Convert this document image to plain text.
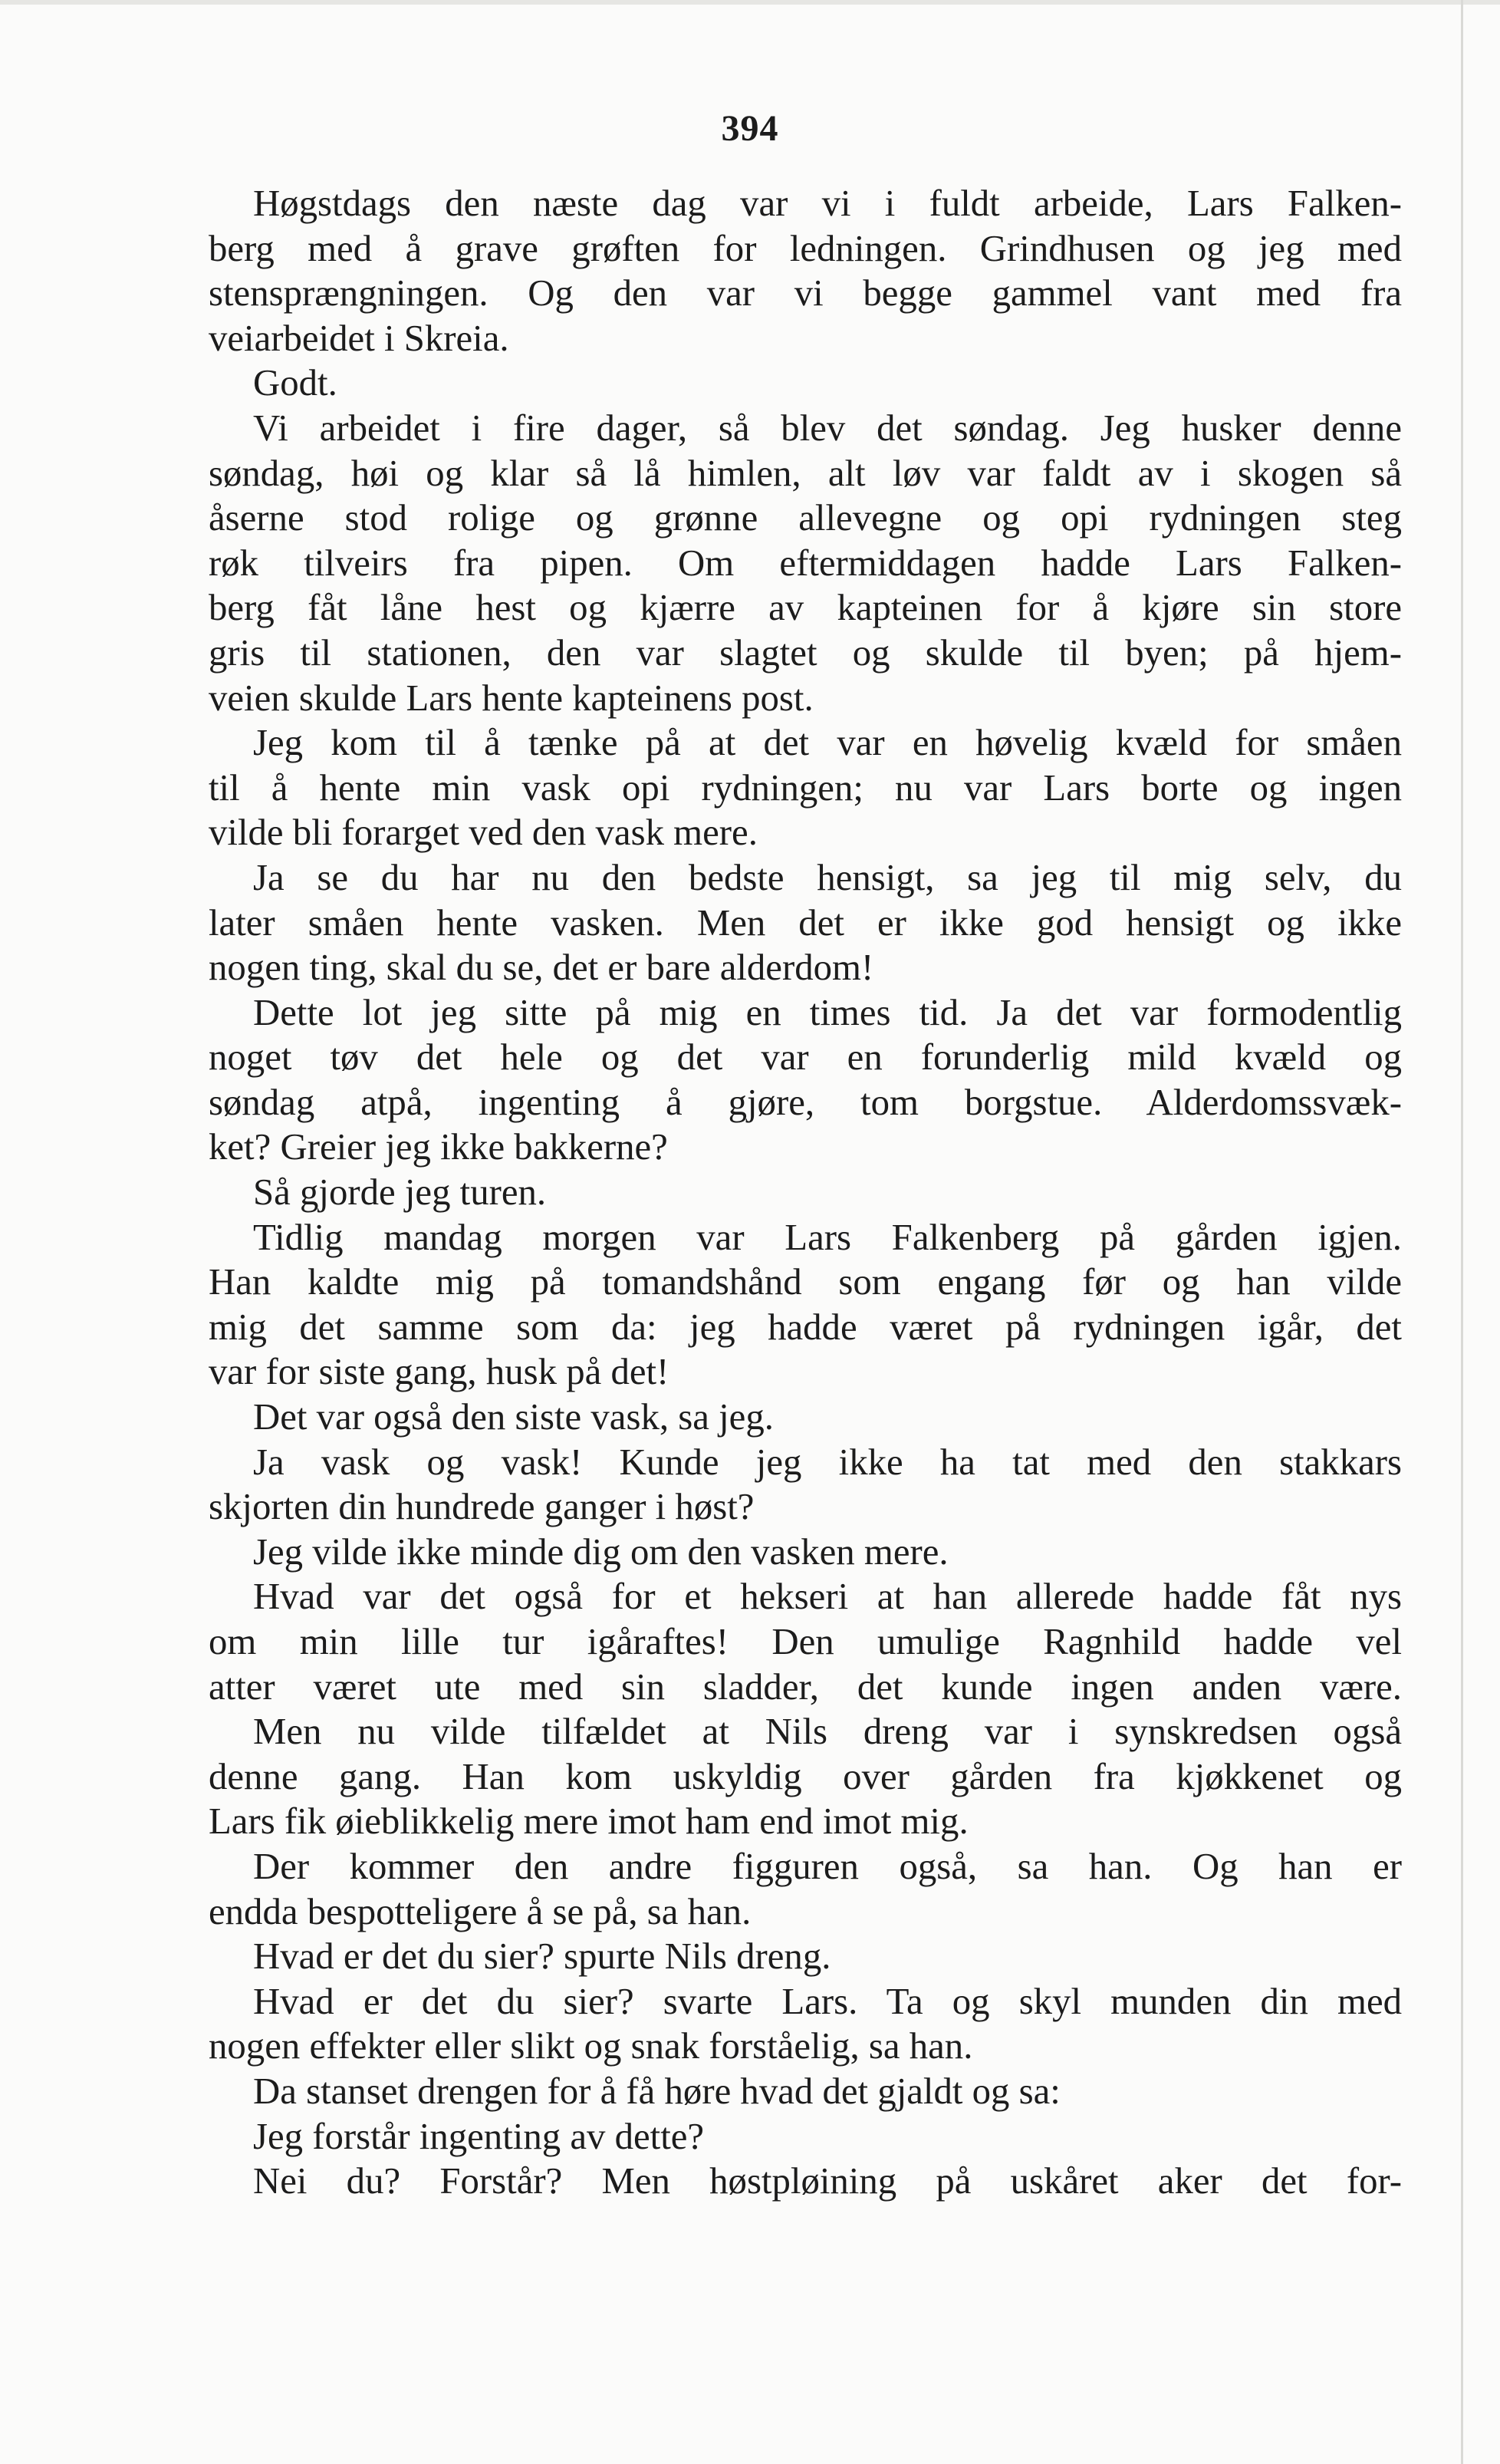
394
Høgstdags den næste dag var vi i fuldt arbeide, Lars Falken-
berg med å grave grøften for ledningen. Grindhusen og jeg med
stensprængningen. Og den var vi begge gammel vant med fra
veiarbeidet i Skreia.
Godt.
Vi arbeidet i fire dager, så blev det søndag. Jeg husker denne
søndag, høi og klar så lå himlen, alt løv var faldt av i skogen så
åserne stod rolige og grønne allevegne og opi rydningen steg
røk tilveirs fra pipen. Om eftermiddagen hadde Lars Falken-
berg fåt låne hest og kjærre av kapteinen for å kjøre sin store
gris til stationen, den var slagtet og skulde til byen; på hjem-
veien skulde Lars hente kapteinens post.
Jeg kom til å tænke på at det var en høvelig kvæld for småen
til å hente min vask opi rydningen; nu var Lars borte og ingen
vilde bli forarget ved den vask mere.
Ja se du har nu den bedste hensigt, sa jeg til mig selv, du
later småen hente vasken. Men det er ikke god hensigt og ikke
nogen ting, skal du se, det er bare alderdom!
Dette lot jeg sitte på mig en times tid. Ja det var formodentlig
noget tøv det hele og det var en forunderlig mild kvæld og
søndag atpå, ingenting å gjøre, tom borgstue. Alderdomssvæk-
ket? Greier jeg ikke bakkerne?
Så gjorde jeg turen.
Tidlig mandag morgen var Lars Falkenberg på gården igjen.
Han kaldte mig på tomandshånd som engang før og han vilde
mig det samme som da: jeg hadde været på rydningen igår, det
var for siste gang, husk på det!
Det var også den siste vask, sa jeg.
Ja vask og vask! Kunde jeg ikke ha tat med den stakkars
skjorten din hundrede ganger i høst?
Jeg vilde ikke minde dig om den vasken mere.
Hvad var det også for et hekseri at han allerede hadde fåt nys
om min lille tur igåraftes! Den umulige Ragnhild hadde vel
atter været ute med sin sladder, det kunde ingen anden være.
Men nu vilde tilfældet at Nils dreng var i synskredsen også
denne gang. Han kom uskyldig over gården fra kjøkkenet og
Lars fik øieblikkelig mere imot ham end imot mig.
Der kommer den andre figguren også, sa han. Og han er
endda bespotteligere å se på, sa han.
Hvad er det du sier? spurte Nils dreng.
Hvad er det du sier? svarte Lars. Ta og skyl munden din med
nogen effekter eller slikt og snak forståelig, sa han.
Da stanset drengen for å få høre hvad det gjaldt og sa:
Jeg forstår ingenting av dette?
Nei du? Forstår? Men høstpløining på uskåret aker det for-
